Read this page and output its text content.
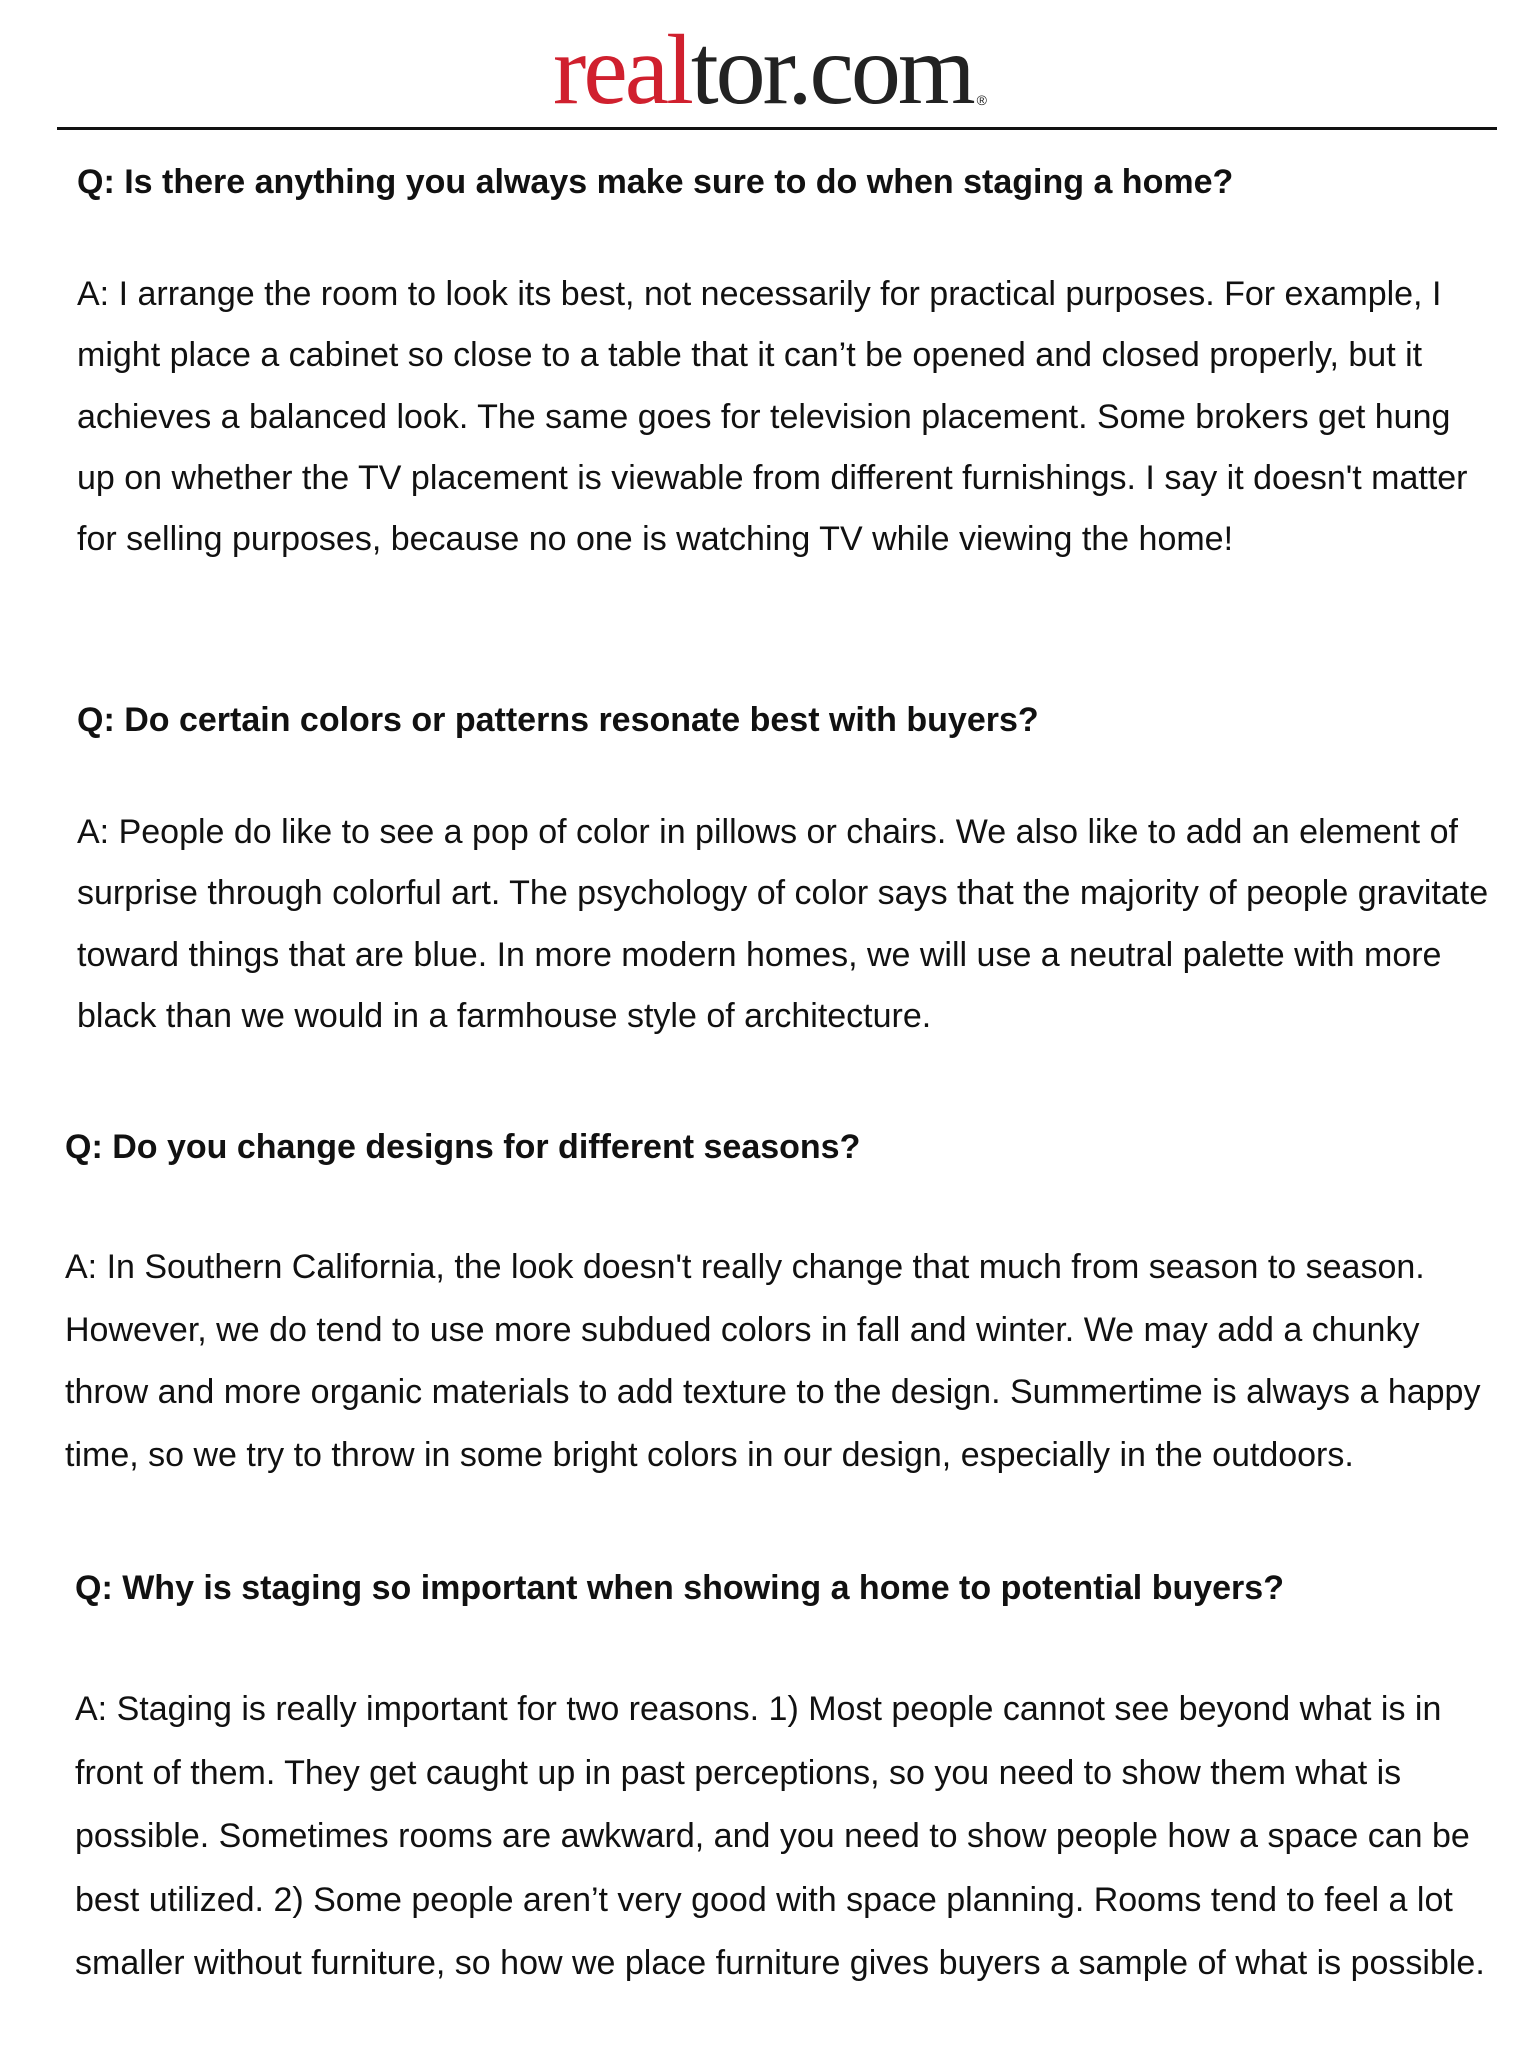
realtor.com ®

Q: Is there anything you always make sure to do when staging a home?

A: I arrange the room to look its best, not necessarily for practical purposes. For example, I might place a cabinet so close to a table that it can’t be opened and closed properly, but it achieves a balanced look. The same goes for television placement. Some brokers get hung up on whether the TV placement is viewable from different furnishings. I say it doesn't matter for selling purposes, because no one is watching TV while viewing the home!

Q: Do certain colors or patterns resonate best with buyers?

A: People do like to see a pop of color in pillows or chairs. We also like to add an element of surprise through colorful art. The psychology of color says that the majority of people gravitate toward things that are blue. In more modern homes, we will use a neutral palette with more black than we would in a farmhouse style of architecture.

Q: Do you change designs for different seasons?

A: In Southern California, the look doesn't really change that much from season to season. However, we do tend to use more subdued colors in fall and winter. We may add a chunky throw and more organic materials to add texture to the design. Summertime is always a happy time, so we try to throw in some bright colors in our design, especially in the outdoors.

Q: Why is staging so important when showing a home to potential buyers?

A: Staging is really important for two reasons. 1) Most people cannot see beyond what is in front of them. They get caught up in past perceptions, so you need to show them what is possible. Sometimes rooms are awkward, and you need to show people how a space can be best utilized. 2) Some people aren’t very good with space planning. Rooms tend to feel a lot smaller without furniture, so how we place furniture gives buyers a sample of what is possible.
